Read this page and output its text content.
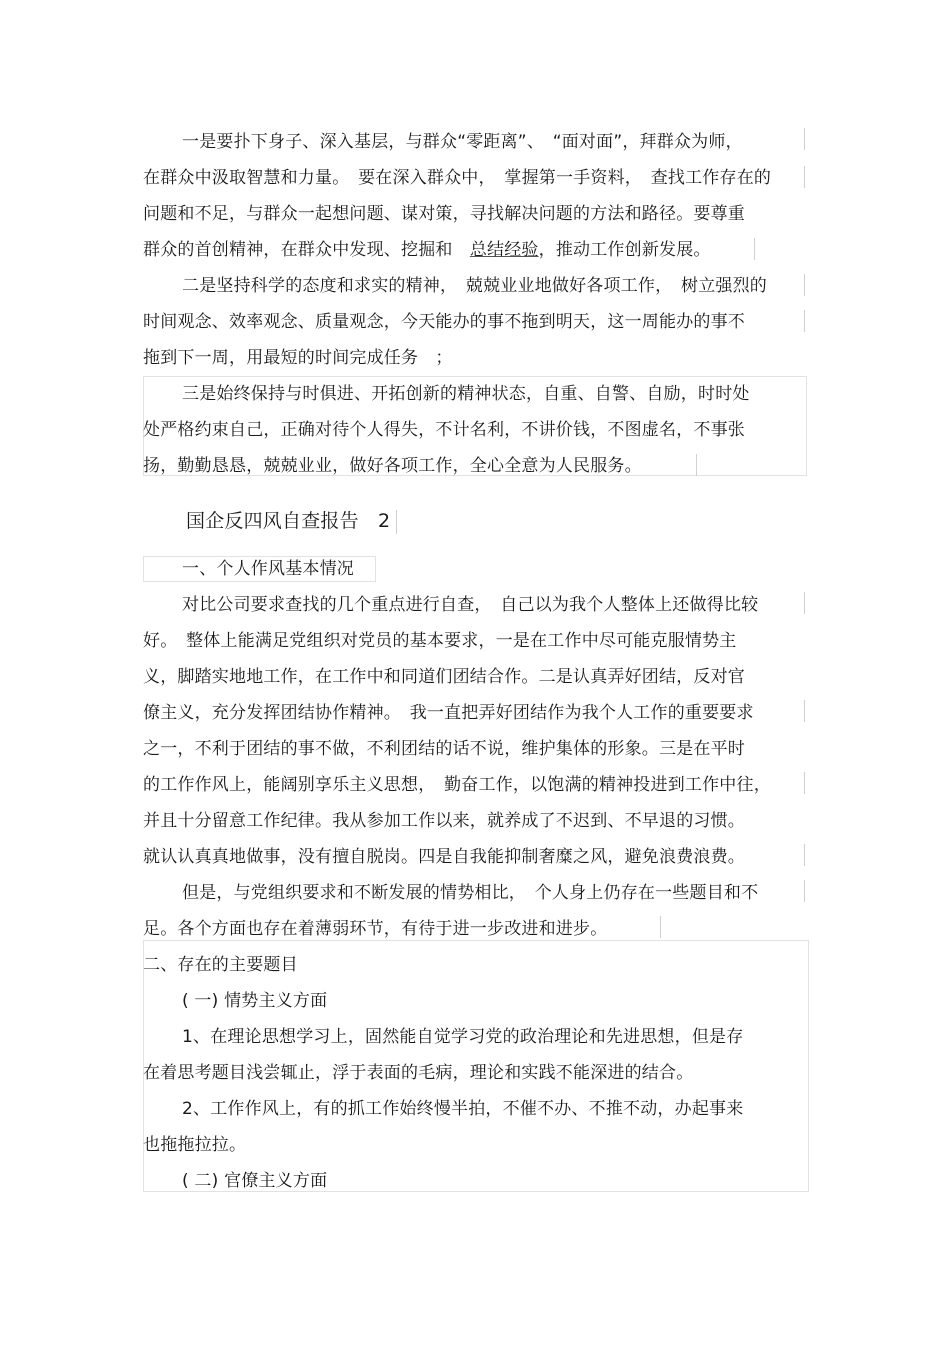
一是要扑下身子、深入基层，与群众“零距离”、　“面对面”，拜群众为师，
在群众中汲取智慧和力量。　要在深入群众中，　掌握第一手资料，　查找工作存在的
问题和不足，与群众一起想问题、谋对策，寻找解决问题的方法和路径。要尊重
群众的首创精神，在群众中发现、挖掘和　总结经验，推动工作创新发展。
二是坚持科学的态度和求实的精神，　兢兢业业地做好各项工作，　树立强烈的
时间观念、效率观念、质量观念，今天能办的事不拖到明天，这一周能办的事不
拖到下一周，用最短的时间完成任务　；
三是始终保持与时俱进、开拓创新的精神状态，自重、自警、自励，时时处
处严格约束自己，正确对待个人得失，不计名利，不讲价钱，不图虚名，不事张
扬，勤勤恳恳，兢兢业业，做好各项工作，全心全意为人民服务。
国企反四风自查报告　2
一、个人作风基本情况
对比公司要求查找的几个重点进行自查，　自己以为我个人整体上还做得比较
好。　整体上能满足党组织对党员的基本要求，一是在工作中尽可能克服情势主
义，脚踏实地地工作，在工作中和同道们团结合作。二是认真弄好团结，反对官
僚主义，充分发挥团结协作精神。　我一直把弄好团结作为我个人工作的重要要求
之一，不利于团结的事不做，不利团结的话不说，维护集体的形象。三是在平时
的工作作风上，能阔别享乐主义思想，　勤奋工作，以饱满的精神投进到工作中往，
并且十分留意工作纪律。我从参加工作以来，就养成了不迟到、不早退的习惯。
就认认真真地做事，没有擅自脱岗。四是自我能抑制奢糜之风，避免浪费浪费。
但是，与党组织要求和不断发展的情势相比，　个人身上仍存在一些题目和不
足。各个方面也存在着薄弱环节，有待于进一步改进和进步。
二、存在的主要题目
( 一) 情势主义方面
1、在理论思想学习上，固然能自觉学习党的政治理论和先进思想，但是存
在着思考题目浅尝辄止，浮于表面的毛病，理论和实践不能深进的结合。
2、工作作风上，有的抓工作始终慢半拍，不催不办、不推不动，办起事来
也拖拖拉拉。
( 二) 官僚主义方面
